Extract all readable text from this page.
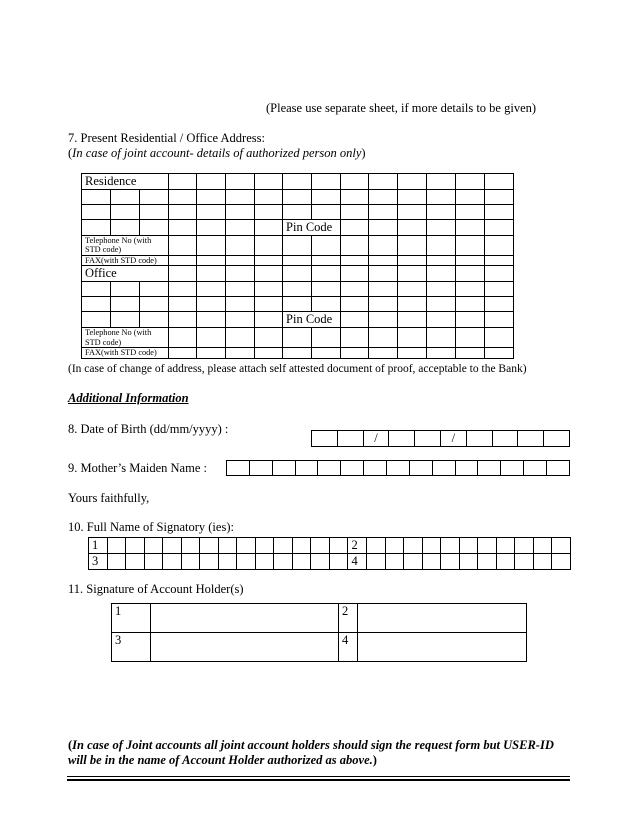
(Please use separate sheet, if more details to be given)
7. Present Residential / Office Address:
(In case of joint account- details of authorized person only)
Residence														

							Pin Code							
Telephone No (with STD code)														

FAX(with STD code)														
Office														

							Pin Code							
Telephone No (with STD code)														

FAX(with STD code)														
(In case of change of address, please attach self attested document of proof, acceptable to the Bank)
Additional Information
8. Date of Birth (dd/mm/yyyy) :
		/			/				
9. Mother’s Maiden Name :

Yours faithfully,
10. Full Name of Signatory (ies):
1														2											
3														4											
11. Signature of Account Holder(s)
1		2	
3		4	
(In case of Joint accounts all joint account holders should sign the request form but USER-ID
will be in the name of Account Holder authorized as above.)
